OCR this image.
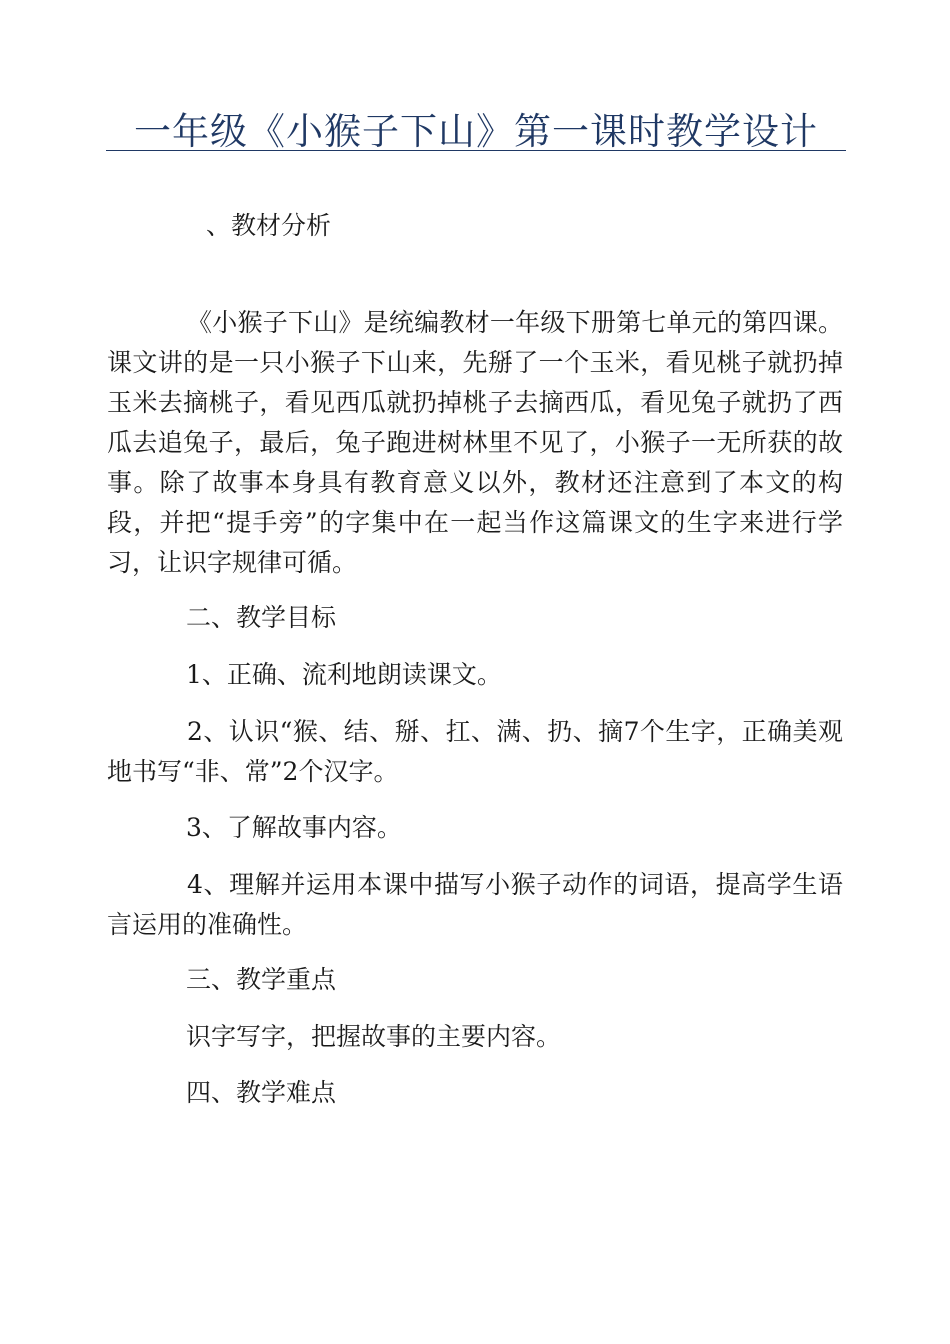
一年级《小猴子下山》第一课时教学设计
、教材分析
《小猴子下山》是统编教材一年级下册第七单元的第四课。课文讲的是一只小猴子下山来，先掰了一个玉米，看见桃子就扔掉玉米去摘桃子，看见西瓜就扔掉桃子去摘西瓜，看见兔子就扔了西瓜去追兔子，最后，兔子跑进树林里不见了，小猴子一无所获的故事。除了故事本身具有教育意义以外，教材还注意到了本文的构段，并把“提手旁”的字集中在一起当作这篇课文的生字来进行学习，让识字规律可循。
二、教学目标
1、正确、流利地朗读课文。
2、认识“猴、结、掰、扛、满、扔、摘7个生字，正确美观地书写“非、常”2个汉字。
3、了解故事内容。
4、理解并运用本课中描写小猴子动作的词语，提高学生语言运用的准确性。
三、教学重点
识字写字，把握故事的主要内容。
四、教学难点
